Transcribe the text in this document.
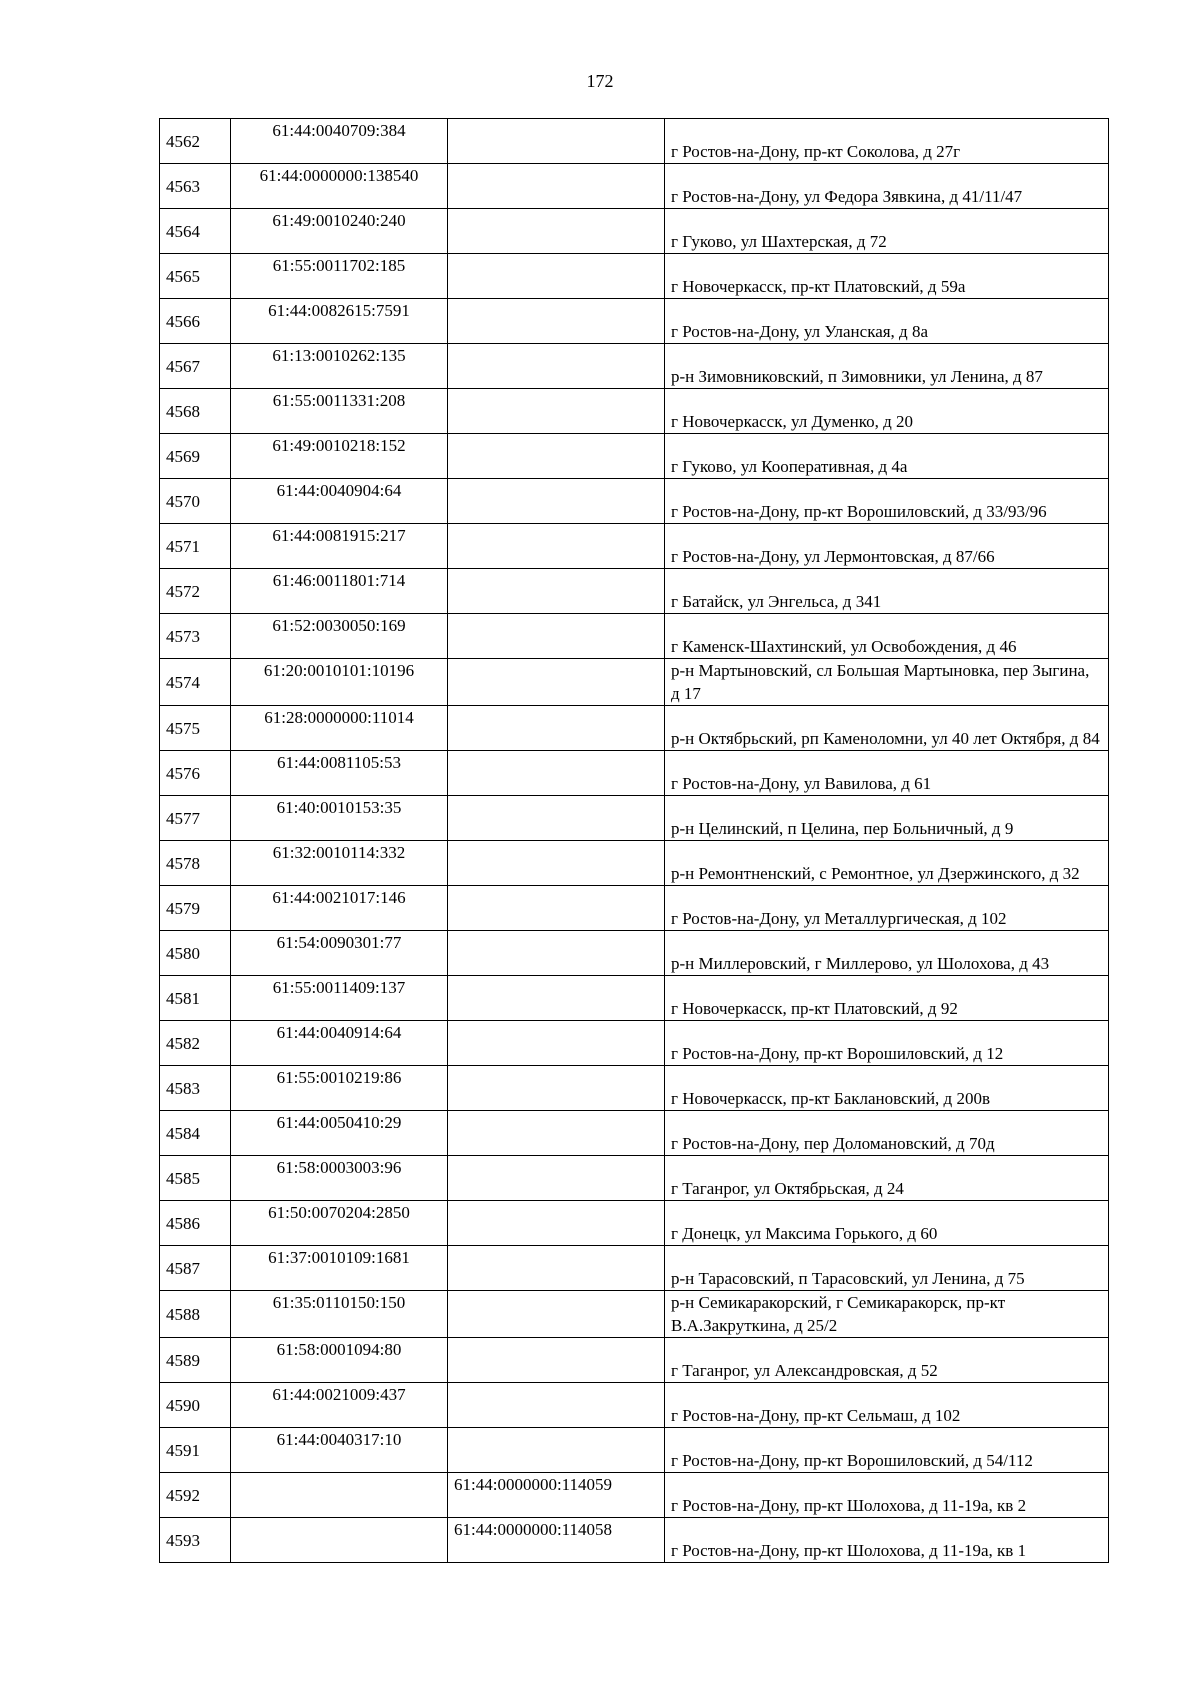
172
4562	61:44:0040709:384		г Ростов-на-Дону, пр-кт Соколова, д 27г
4563	61:44:0000000:138540		г Ростов-на-Дону, ул Федора Зявкина, д 41/11/47
4564	61:49:0010240:240		г Гуково, ул Шахтерская, д 72
4565	61:55:0011702:185		г Новочеркасск, пр-кт Платовский, д 59а
4566	61:44:0082615:7591		г Ростов-на-Дону, ул Уланская, д 8а
4567	61:13:0010262:135		р-н Зимовниковский, п Зимовники, ул Ленина, д 87
4568	61:55:0011331:208		г Новочеркасск, ул Думенко, д 20
4569	61:49:0010218:152		г Гуково, ул Кооперативная, д 4а
4570	61:44:0040904:64		г Ростов-на-Дону, пр-кт Ворошиловский, д 33/93/96
4571	61:44:0081915:217		г Ростов-на-Дону, ул Лермонтовская, д 87/66
4572	61:46:0011801:714		г Батайск, ул Энгельса, д 341
4573	61:52:0030050:169		г Каменск-Шахтинский, ул Освобождения, д 46
4574	61:20:0010101:10196		р-н Мартыновский, сл Большая Мартыновка, пер Зыгина, д 17
4575	61:28:0000000:11014		р-н Октябрьский, рп Каменоломни, ул 40 лет Октября, д 84
4576	61:44:0081105:53		г Ростов-на-Дону, ул Вавилова, д 61
4577	61:40:0010153:35		р-н Целинский, п Целина, пер Больничный, д 9
4578	61:32:0010114:332		р-н Ремонтненский, с Ремонтное, ул Дзержинского, д 32
4579	61:44:0021017:146		г Ростов-на-Дону, ул Металлургическая, д 102
4580	61:54:0090301:77		р-н Миллеровский, г Миллерово, ул Шолохова, д 43
4581	61:55:0011409:137		г Новочеркасск, пр-кт Платовский, д 92
4582	61:44:0040914:64		г Ростов-на-Дону, пр-кт Ворошиловский, д 12
4583	61:55:0010219:86		г Новочеркасск, пр-кт Баклановский, д 200в
4584	61:44:0050410:29		г Ростов-на-Дону, пер Доломановский, д 70д
4585	61:58:0003003:96		г Таганрог, ул Октябрьская, д 24
4586	61:50:0070204:2850		г Донецк, ул Максима Горького, д 60
4587	61:37:0010109:1681		р-н Тарасовский, п Тарасовский, ул Ленина, д 75
4588	61:35:0110150:150		р-н Семикаракорский, г Семикаракорск, пр-кт В.А.Закруткина, д 25/2
4589	61:58:0001094:80		г Таганрог, ул Александровская, д 52
4590	61:44:0021009:437		г Ростов-на-Дону, пр-кт Сельмаш, д 102
4591	61:44:0040317:10		г Ростов-на-Дону, пр-кт Ворошиловский, д 54/112
4592		61:44:0000000:114059	г Ростов-на-Дону, пр-кт Шолохова, д 11-19а, кв 2
4593		61:44:0000000:114058	г Ростов-на-Дону, пр-кт Шолохова, д 11-19а, кв 1
